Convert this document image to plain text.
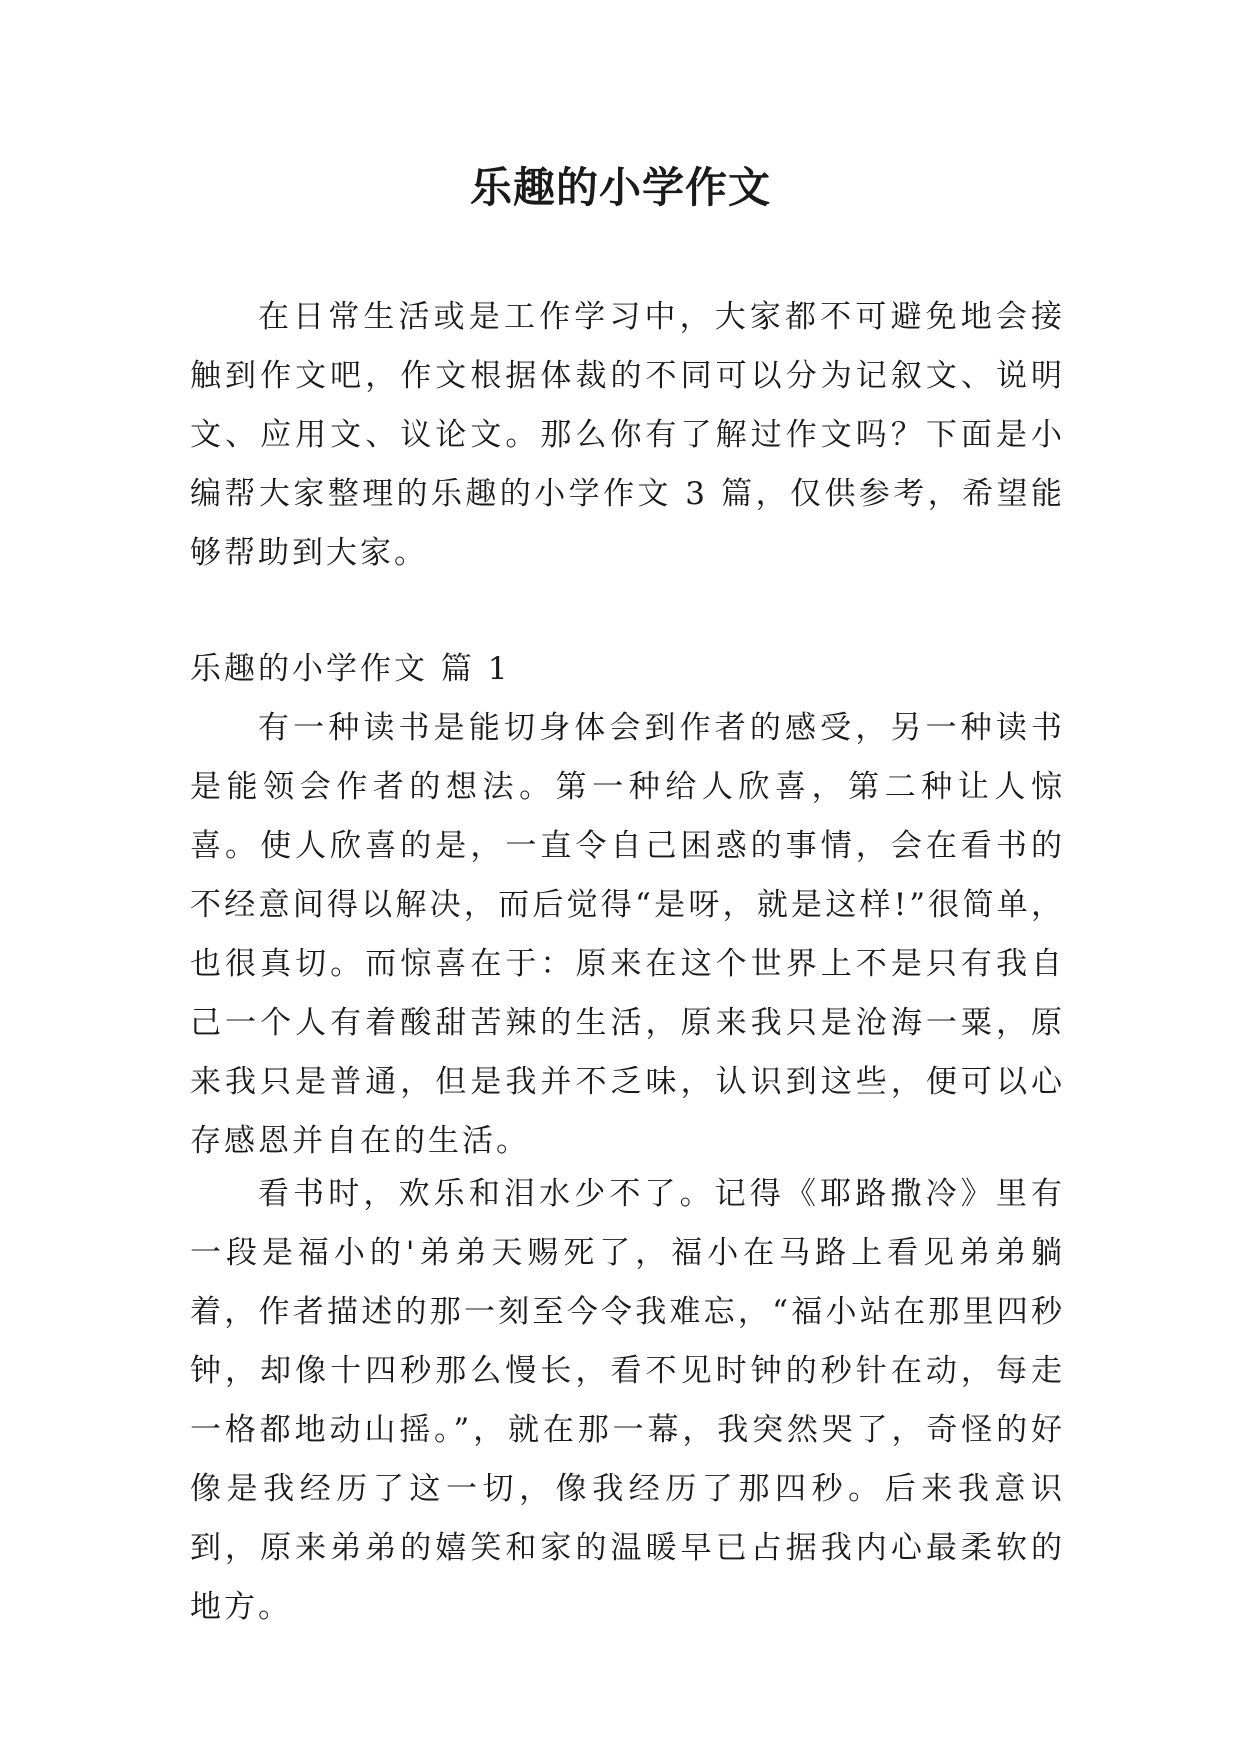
乐趣的小学作文

在日常生活或是工作学习中，大家都不可避免地会接触到作文吧，作文根据体裁的不同可以分为记叙文、说明文、应用文、议论文。那么你有了解过作文吗？下面是小编帮大家整理的乐趣的小学作文 3 篇，仅供参考，希望能够帮助到大家。

乐趣的小学作文 篇 1

有一种读书是能切身体会到作者的感受，另一种读书是能领会作者的想法。第一种给人欣喜，第二种让人惊喜。使人欣喜的是，一直令自己困惑的事情，会在看书的不经意间得以解决，而后觉得“是呀，就是这样!”很简单，也很真切。而惊喜在于：原来在这个世界上不是只有我自己一个人有着酸甜苦辣的生活，原来我只是沧海一粟，原来我只是普通，但是我并不乏味，认识到这些，便可以心存感恩并自在的生活。

看书时，欢乐和泪水少不了。记得《耶路撒冷》里有一段是福小的'弟弟天赐死了，福小在马路上看见弟弟躺着，作者描述的那一刻至今令我难忘，“福小站在那里四秒钟，却像十四秒那么慢长，看不见时钟的秒针在动，每走一格都地动山摇。”，就在那一幕，我突然哭了，奇怪的好像是我经历了这一切，像我经历了那四秒。后来我意识到，原来弟弟的嬉笑和家的温暖早已占据我内心最柔软的地方。
